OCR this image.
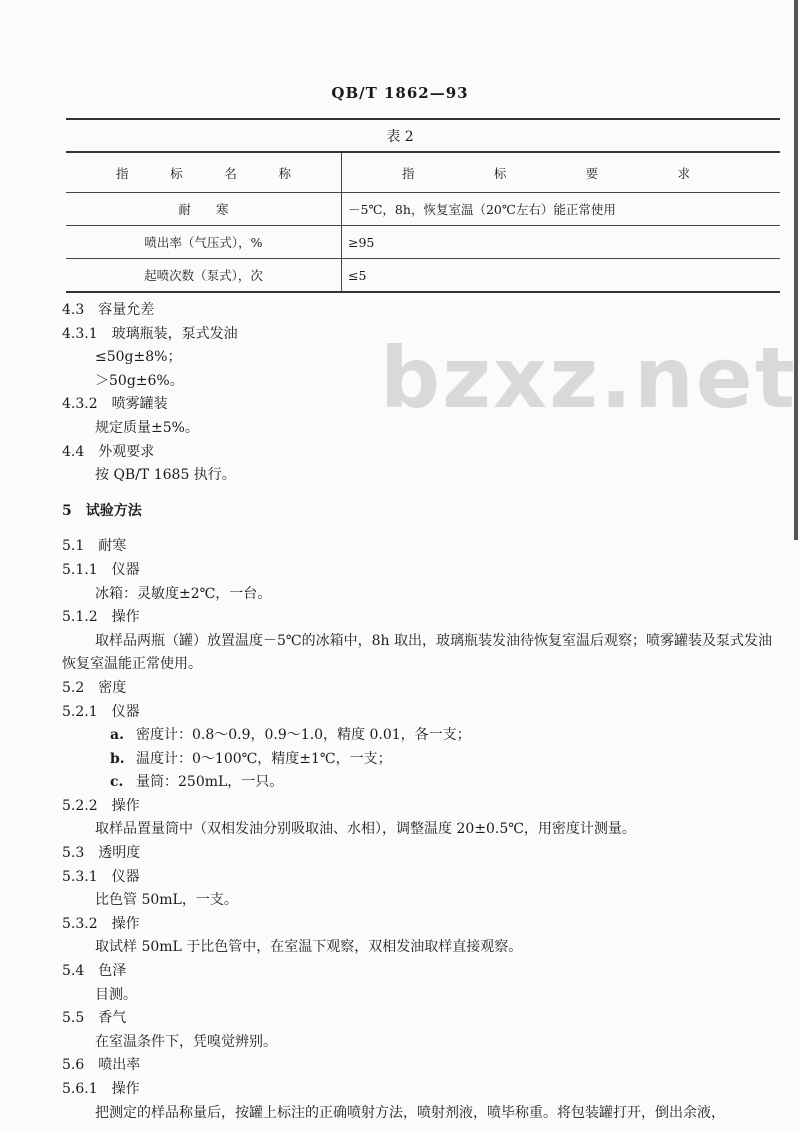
QB/T 1862—93
表 2
指 标 名 称	指 标 要 求

耐　　寒	－5℃，8h，恢复室温（20℃左右）能正常使用
喷出率（气压式），%	≥95
起喷次数（泵式），次	≤5
4.3　容量允差
4.3.1　玻璃瓶装，泵式发油
≤50g±8%；
＞50g±6%。
4.3.2　喷雾罐装
规定质量±5%。
4.4　外观要求
按 QB/T 1685 执行。
5　试验方法
5.1　耐寒
5.1.1　仪器
冰箱：灵敏度±2℃，一台。
5.1.2　操作
取样品两瓶（罐）放置温度－5℃的冰箱中，8h 取出，玻璃瓶装发油待恢复室温后观察；喷雾罐装及泵式发油恢复室温能正常使用。
5.2　密度
5.2.1　仪器
a. 密度计：0.8～0.9，0.9～1.0，精度 0.01，各一支；
b. 温度计：0～100℃，精度±1℃，一支；
c. 量筒：250mL，一只。
5.2.2　操作
取样品置量筒中（双相发油分别吸取油、水相），调整温度 20±0.5℃，用密度计测量。
5.3　透明度
5.3.1　仪器
比色管 50mL，一支。
5.3.2　操作
取试样 50mL 于比色管中，在室温下观察，双相发油取样直接观察。
5.4　色泽
目测。
5.5　香气
在室温条件下，凭嗅觉辨别。
5.6　喷出率
5.6.1　操作
把测定的样品称量后，按罐上标注的正确喷射方法，喷射剂液，喷毕称重。将包装罐打开，倒出余液，
bzxz.net
